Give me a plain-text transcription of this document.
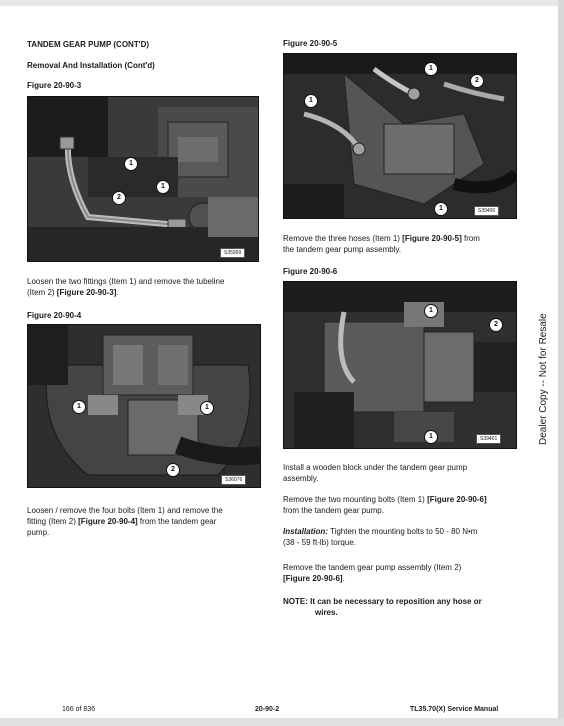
TANDEM GEAR PUMP (CONT'D)
Removal And Installation (Cont'd)
Figure 20-90-3
1
1
2
S35999
Loosen the two fittings (Item 1) and remove the tubeline
(Item 2) [Figure 20-90-3].
Figure 20-90-4
1	1
2
S36076
Loosen / remove the four bolts (Item 1) and remove the
fitting (Item 2) [Figure 20-90-4] from the tandem gear
pump.
Figure 20-90-5
1
1
2
1	S39400
Remove the three hoses (Item 1) [Figure 20-90-5] from
the tandem gear pump assembly.
Figure 20-90-6
1
2
1	S39401
Install a wooden block under the tandem gear pump
assembly.
Remove the two mounting bolts (Item 1) [Figure 20-90-6]
from the tandem gear pump.
Installation: Tighten the mounting bolts to 50 - 80 N•m
(38 - 59 ft-lb) torque.
Remove the tandem gear pump assembly (Item 2)
[Figure 20-90-6].
NOTE: It can be necessary to reposition any hose or
wires.
Dealer Copy -- Not for Resale
166 of 836	20-90-2	TL35.70(X) Service Manual
